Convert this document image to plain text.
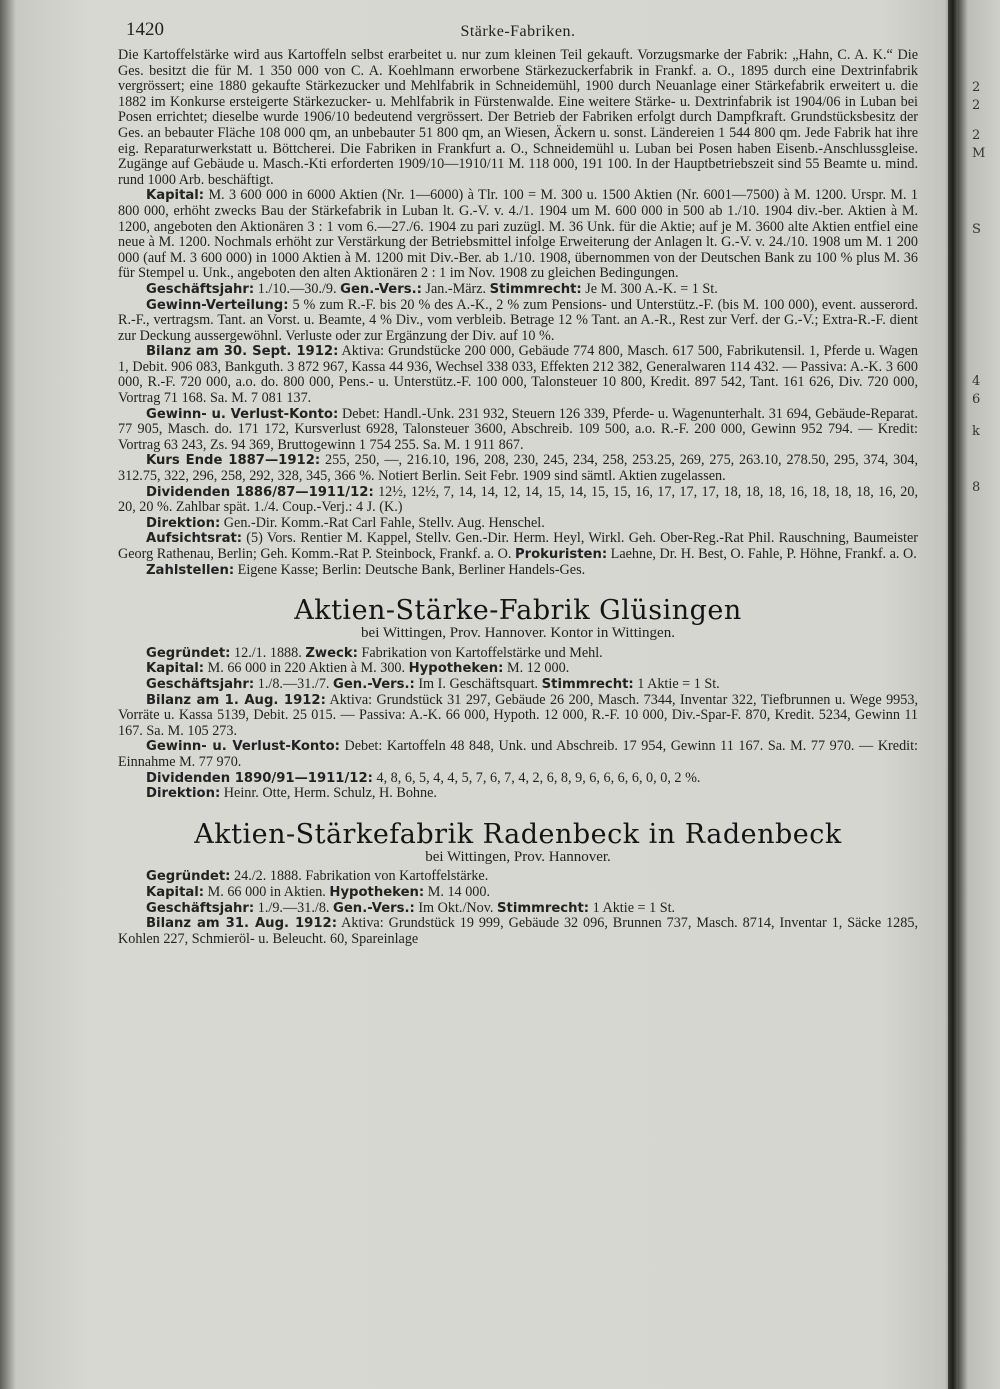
1420	Stärke-Fabriken.

Die Kartoffelstärke wird aus Kartoffeln selbst erarbeitet u. nur zum kleinen Teil gekauft. Vorzugsmarke der Fabrik: „Hahn, C. A. K.“ Die Ges. besitzt die für M. 1 350 000 von C. A. Koehlmann erworbene Stärkezuckerfabrik in Frankf. a. O., 1895 durch eine Dextrinfabrik vergrössert; eine 1880 gekaufte Stärkezucker und Mehlfabrik in Schneidemühl, 1900 durch Neuanlage einer Stärkefabrik erweitert u. die 1882 im Konkurse ersteigerte Stärkezucker- u. Mehlfabrik in Fürstenwalde. Eine weitere Stärke- u. Dextrinfabrik ist 1904/06 in Luban bei Posen errichtet; dieselbe wurde 1906/10 bedeutend vergrössert. Der Betrieb der Fabriken erfolgt durch Dampfkraft. Grundstücksbesitz der Ges. an bebauter Fläche 108 000 qm, an unbebauter 51 800 qm, an Wiesen, Äckern u. sonst. Ländereien 1 544 800 qm. Jede Fabrik hat ihre eig. Reparaturwerkstatt u. Böttcherei. Die Fabriken in Frankfurt a. O., Schneidemühl u. Luban bei Posen haben Eisenb.-Anschlussgleise. Zugänge auf Gebäude u. Masch.-Kti erforderten 1909/10—1910/11 M. 118 000, 191 100. In der Hauptbetriebszeit sind 55 Beamte u. mind. rund 1000 Arb. beschäftigt.

Kapital: M. 3 600 000 in 6000 Aktien (Nr. 1—6000) à Tlr. 100 = M. 300 u. 1500 Aktien (Nr. 6001—7500) à M. 1200. Urspr. M. 1 800 000, erhöht zwecks Bau der Stärkefabrik in Luban lt. G.-V. v. 4./1. 1904 um M. 600 000 in 500 ab 1./10. 1904 div.-ber. Aktien à M. 1200, angeboten den Aktionären 3 : 1 vom 6.—27./6. 1904 zu pari zuzügl. M. 36 Unk. für die Aktie; auf je M. 3600 alte Aktien entfiel eine neue à M. 1200. Nochmals erhöht zur Verstärkung der Betriebsmittel infolge Erweiterung der Anlagen lt. G.-V. v. 24./10. 1908 um M. 1 200 000 (auf M. 3 600 000) in 1000 Aktien à M. 1200 mit Div.-Ber. ab 1./10. 1908, übernommen von der Deutschen Bank zu 100 % plus M. 36 für Stempel u. Unk., angeboten den alten Aktionären 2 : 1 im Nov. 1908 zu gleichen Bedingungen.

Geschäftsjahr: 1./10.—30./9. Gen.-Vers.: Jan.-März. Stimmrecht: Je M. 300 A.-K. = 1 St.

Gewinn-Verteilung: 5 % zum R.-F. bis 20 % des A.-K., 2 % zum Pensions- und Unterstütz.-F. (bis M. 100 000), event. ausserord. R.-F., vertragsm. Tant. an Vorst. u. Beamte, 4 % Div., vom verbleib. Betrage 12 % Tant. an A.-R., Rest zur Verf. der G.-V.; Extra-R.-F. dient zur Deckung aussergewöhnl. Verluste oder zur Ergänzung der Div. auf 10 %.

Bilanz am 30. Sept. 1912: Aktiva: Grundstücke 200 000, Gebäude 774 800, Masch. 617 500, Fabrikutensil. 1, Pferde u. Wagen 1, Debit. 906 083, Bankguth. 3 872 967, Kassa 44 936, Wechsel 338 033, Effekten 212 382, Generalwaren 114 432. — Passiva: A.-K. 3 600 000, R.-F. 720 000, a.o. do. 800 000, Pens.- u. Unterstütz.-F. 100 000, Talonsteuer 10 800, Kredit. 897 542, Tant. 161 626, Div. 720 000, Vortrag 71 168. Sa. M. 7 081 137.

Gewinn- u. Verlust-Konto: Debet: Handl.-Unk. 231 932, Steuern 126 339, Pferde- u. Wagenunterhalt. 31 694, Gebäude-Reparat. 77 905, Masch. do. 171 172, Kursverlust 6928, Talonsteuer 3600, Abschreib. 109 500, a.o. R.-F. 200 000, Gewinn 952 794. — Kredit: Vortrag 63 243, Zs. 94 369, Bruttogewinn 1 754 255. Sa. M. 1 911 867.

Kurs Ende 1887—1912: 255, 250, —, 216.10, 196, 208, 230, 245, 234, 258, 253.25, 269, 275, 263.10, 278.50, 295, 374, 304, 312.75, 322, 296, 258, 292, 328, 345, 366 %. Notiert Berlin. Seit Febr. 1909 sind sämtl. Aktien zugelassen.

Dividenden 1886/87—1911/12: 12½, 12½, 7, 14, 14, 12, 14, 15, 14, 15, 15, 16, 17, 17, 17, 18, 18, 18, 16, 18, 18, 18, 16, 20, 20, 20 %. Zahlbar spät. 1./4. Coup.-Verj.: 4 J. (K.)

Direktion: Gen.-Dir. Komm.-Rat Carl Fahle, Stellv. Aug. Henschel.

Aufsichtsrat: (5) Vors. Rentier M. Kappel, Stellv. Gen.-Dir. Herm. Heyl, Wirkl. Geh. Ober-Reg.-Rat Phil. Rauschning, Baumeister Georg Rathenau, Berlin; Geh. Komm.-Rat P. Steinbock, Frankf. a. O. Prokuristen: Laehne, Dr. H. Best, O. Fahle, P. Höhne, Frankf. a. O.

Zahlstellen: Eigene Kasse; Berlin: Deutsche Bank, Berliner Handels-Ges.

Aktien-Stärke-Fabrik Glüsingen
bei Wittingen, Prov. Hannover. Kontor in Wittingen.

Gegründet: 12./1. 1888. Zweck: Fabrikation von Kartoffelstärke und Mehl.

Kapital: M. 66 000 in 220 Aktien à M. 300. Hypotheken: M. 12 000.

Geschäftsjahr: 1./8.—31./7. Gen.-Vers.: Im I. Geschäftsquart. Stimmrecht: 1 Aktie = 1 St.

Bilanz am 1. Aug. 1912: Aktiva: Grundstück 31 297, Gebäude 26 200, Masch. 7344, Inventar 322, Tiefbrunnen u. Wege 9953, Vorräte u. Kassa 5139, Debit. 25 015. — Passiva: A.-K. 66 000, Hypoth. 12 000, R.-F. 10 000, Div.-Spar-F. 870, Kredit. 5234, Gewinn 11 167. Sa. M. 105 273.

Gewinn- u. Verlust-Konto: Debet: Kartoffeln 48 848, Unk. und Abschreib. 17 954, Gewinn 11 167. Sa. M. 77 970. — Kredit: Einnahme M. 77 970.

Dividenden 1890/91—1911/12: 4, 8, 6, 5, 4, 4, 5, 7, 6, 7, 4, 2, 6, 8, 9, 6, 6, 6, 6, 0, 0, 2 %.

Direktion: Heinr. Otte, Herm. Schulz, H. Bohne.

Aktien-Stärkefabrik Radenbeck in Radenbeck
bei Wittingen, Prov. Hannover.

Gegründet: 24./2. 1888. Fabrikation von Kartoffelstärke.

Kapital: M. 66 000 in Aktien. Hypotheken: M. 14 000.

Geschäftsjahr: 1./9.—31./8. Gen.-Vers.: Im Okt./Nov. Stimmrecht: 1 Aktie = 1 St.

Bilanz am 31. Aug. 1912: Aktiva: Grundstück 19 999, Gebäude 32 096, Brunnen 737, Masch. 8714, Inventar 1, Säcke 1285, Kohlen 227, Schmieröl- u. Beleucht. 60, Spareinlage

2
2
2
M
S
4
6
k
8
